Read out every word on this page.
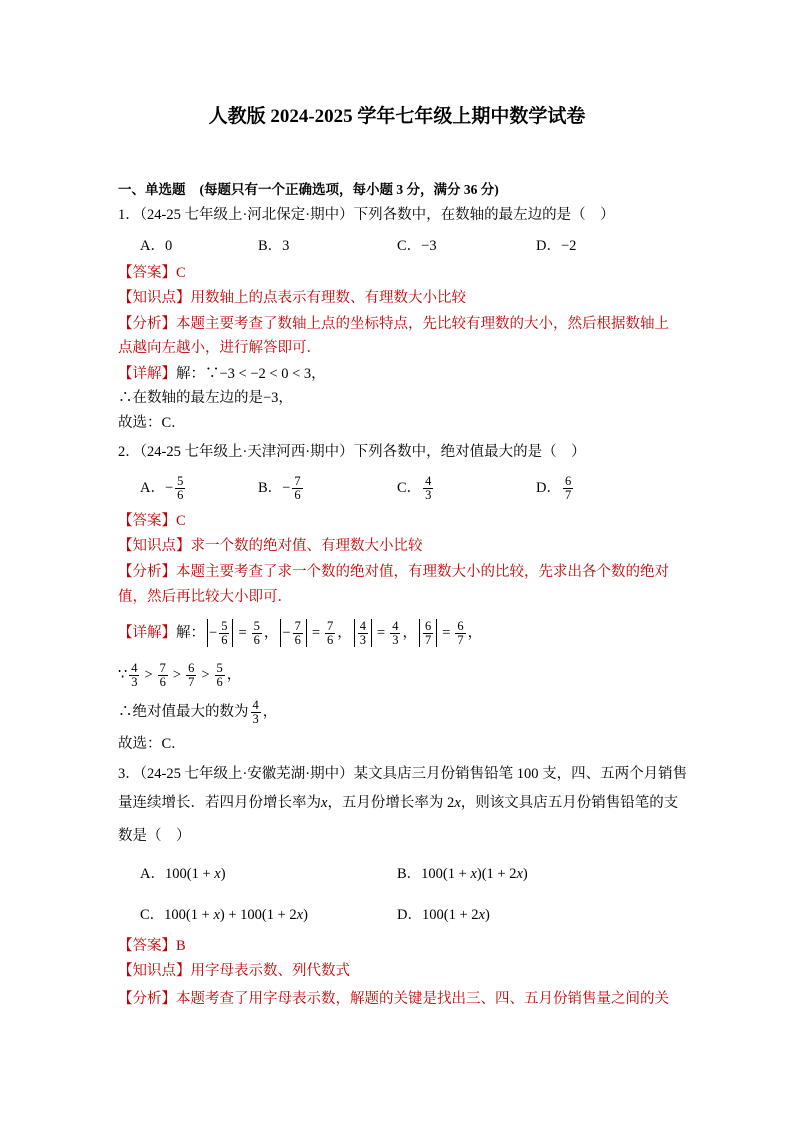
人教版 2024-2025 学年七年级上期中数学试卷
一、单选题 (每题只有一个正确选项，每小题 3 分，满分 36 分)
1．（24-25 七年级上·河北保定·期中）下列各数中，在数轴的最左边的是（　）
A．0	B．3	C．−3	D．−2
【答案】 C
【知识点】 用数轴上的点表示有理数、有理数大小比较
【分析】 本题主要考查了数轴上点的坐标特点，先比较有理数的大小，然后根据数轴上
点越向左越小，进行解答即可．
【详解】 解：∵−3 < −2 < 0 < 3，
∴在数轴的最左边的是−3，
故选：C．
2．（24-25 七年级上·天津河西·期中）下列各数中，绝对值最大的是（　）
A． − $\frac{5}{6}$	B． − $\frac{7}{6}$	C． $\frac{4}{3}$	D． $\frac{6}{7}$
【答案】 C
【知识点】 求一个数的绝对值、有理数大小比较
【分析】 本题主要考查了求一个数的绝对值，有理数大小的比较，先求出各个数的绝对
值，然后再比较大小即可．
【详解】 解： − $\frac{5}{6} = \frac{5}{6}$ ， − $\frac{7}{6} = \frac{7}{6}$ ， $\frac{4}{3} = \frac{4}{3}$ ， $\frac{6}{7} = \frac{6}{7}$ ，
∵ $\frac{4}{3} > \frac{7}{6} > \frac{6}{7} > \frac{5}{6}$ ，
∴绝对值最大的数为 $\frac{4}{3}$ ，
故选：C．
3．（24-25 七年级上·安徽芜湖·期中）某文具店三月份销售铅笔 100 支，四、五两个月销售
量连续增长．若四月份增长率为 x ，五月份增长率为 2 x ，则该文具店五月份销售铅笔的支
数是（　）
A． 100(1 + x)	B． 100(1 + x)(1 + 2x)
C． 100(1 + x) + 100(1 + 2x)	D． 100(1 + 2x)
【答案】 B
【知识点】 用字母表示数、列代数式
【分析】 本题考查了用字母表示数，解题的关键是找出三、四、五月份销售量之间的关
